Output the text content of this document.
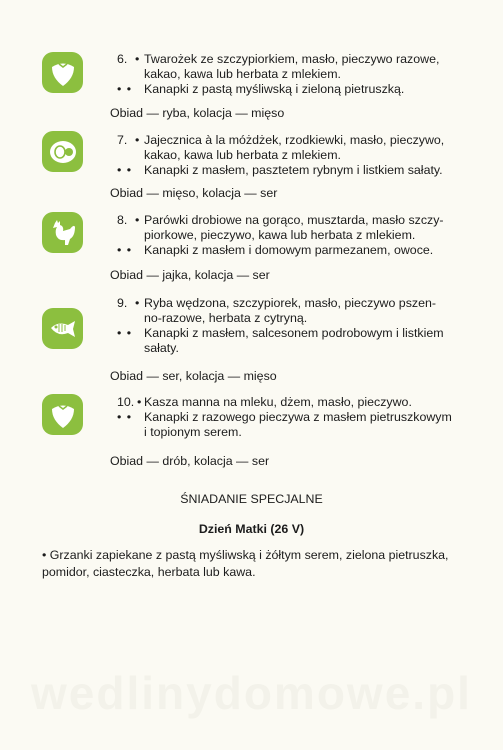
6. • Twarożek ze szczypiorkiem, masło, pieczywo razowe,
kakao, kawa lub herbata z mlekiem.
• • Kanapki z pastą myśliwską i zieloną pietruszką.
Obiad — ryba, kolacja — mięso
7. • Jajecznica à la móżdżek, rzodkiewki, masło, pieczywo,
kakao, kawa lub herbata z mlekiem.
• • Kanapki z masłem, pasztetem rybnym i listkiem sałaty.
Obiad — mięso, kolacja — ser
8. • Parówki drobiowe na gorąco, musztarda, masło szczy-
piorkowe, pieczywo, kawa lub herbata z mlekiem.
• • Kanapki z masłem i domowym parmezanem, owoce.
Obiad — jajka, kolacja — ser
9. • Ryba wędzona, szczypiorek, masło, pieczywo pszen-
no-razowe, herbata z cytryną.
• • Kanapki z masłem, salcesonem podrobowym i listkiem
sałaty.
Obiad — ser, kolacja — mięso
10. • Kasza manna na mleku, dżem, masło, pieczywo.
• • Kanapki z razowego pieczywa z masłem pietruszkowym
i topionym serem.
Obiad — drób, kolacja — ser
ŚNIADANIE SPECJALNE
Dzień Matki (26 V)
• Grzanki zapiekane z pastą myśliwską i żółtym serem, zielona pietruszka, pomidor, ciasteczka, herbata lub kawa.
wedlinydomowe.pl
